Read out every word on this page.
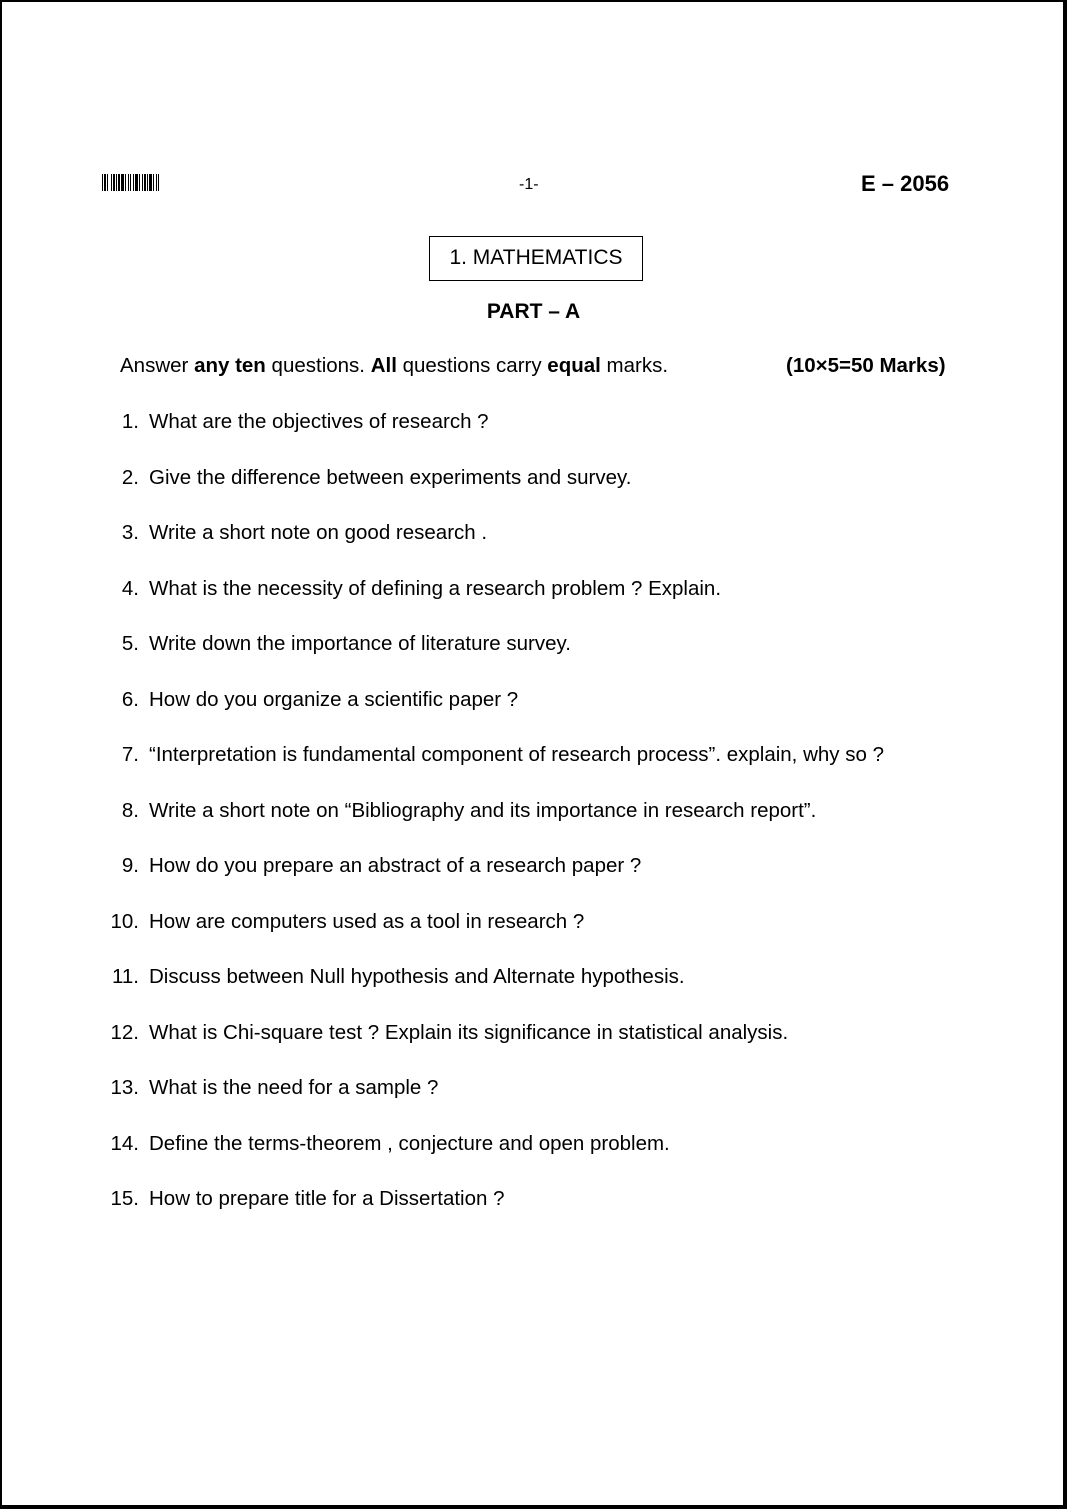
-1-	E – 2056
1. MATHEMATICS
PART – A
Answer any ten questions. All questions carry equal marks.	(10×5=50 Marks)
1. What are the objectives of research ?
2. Give the difference between experiments and survey.
3. Write a short note on good research .
4. What is the necessity of defining a research problem ? Explain.
5. Write down the importance of literature survey.
6. How do you organize a scientific paper ?
7. “Interpretation is fundamental component of research process”. explain, why so ?
8. Write a short note on “Bibliography and its importance in research report”.
9. How do you prepare an abstract of a research paper ?
10. How are computers used as a tool in research ?
11. Discuss between Null hypothesis and Alternate hypothesis.
12. What is Chi-square test ? Explain its significance in statistical analysis.
13. What is the need for a sample ?
14. Define the terms-theorem , conjecture and open problem.
15. How to prepare title for a Dissertation ?
